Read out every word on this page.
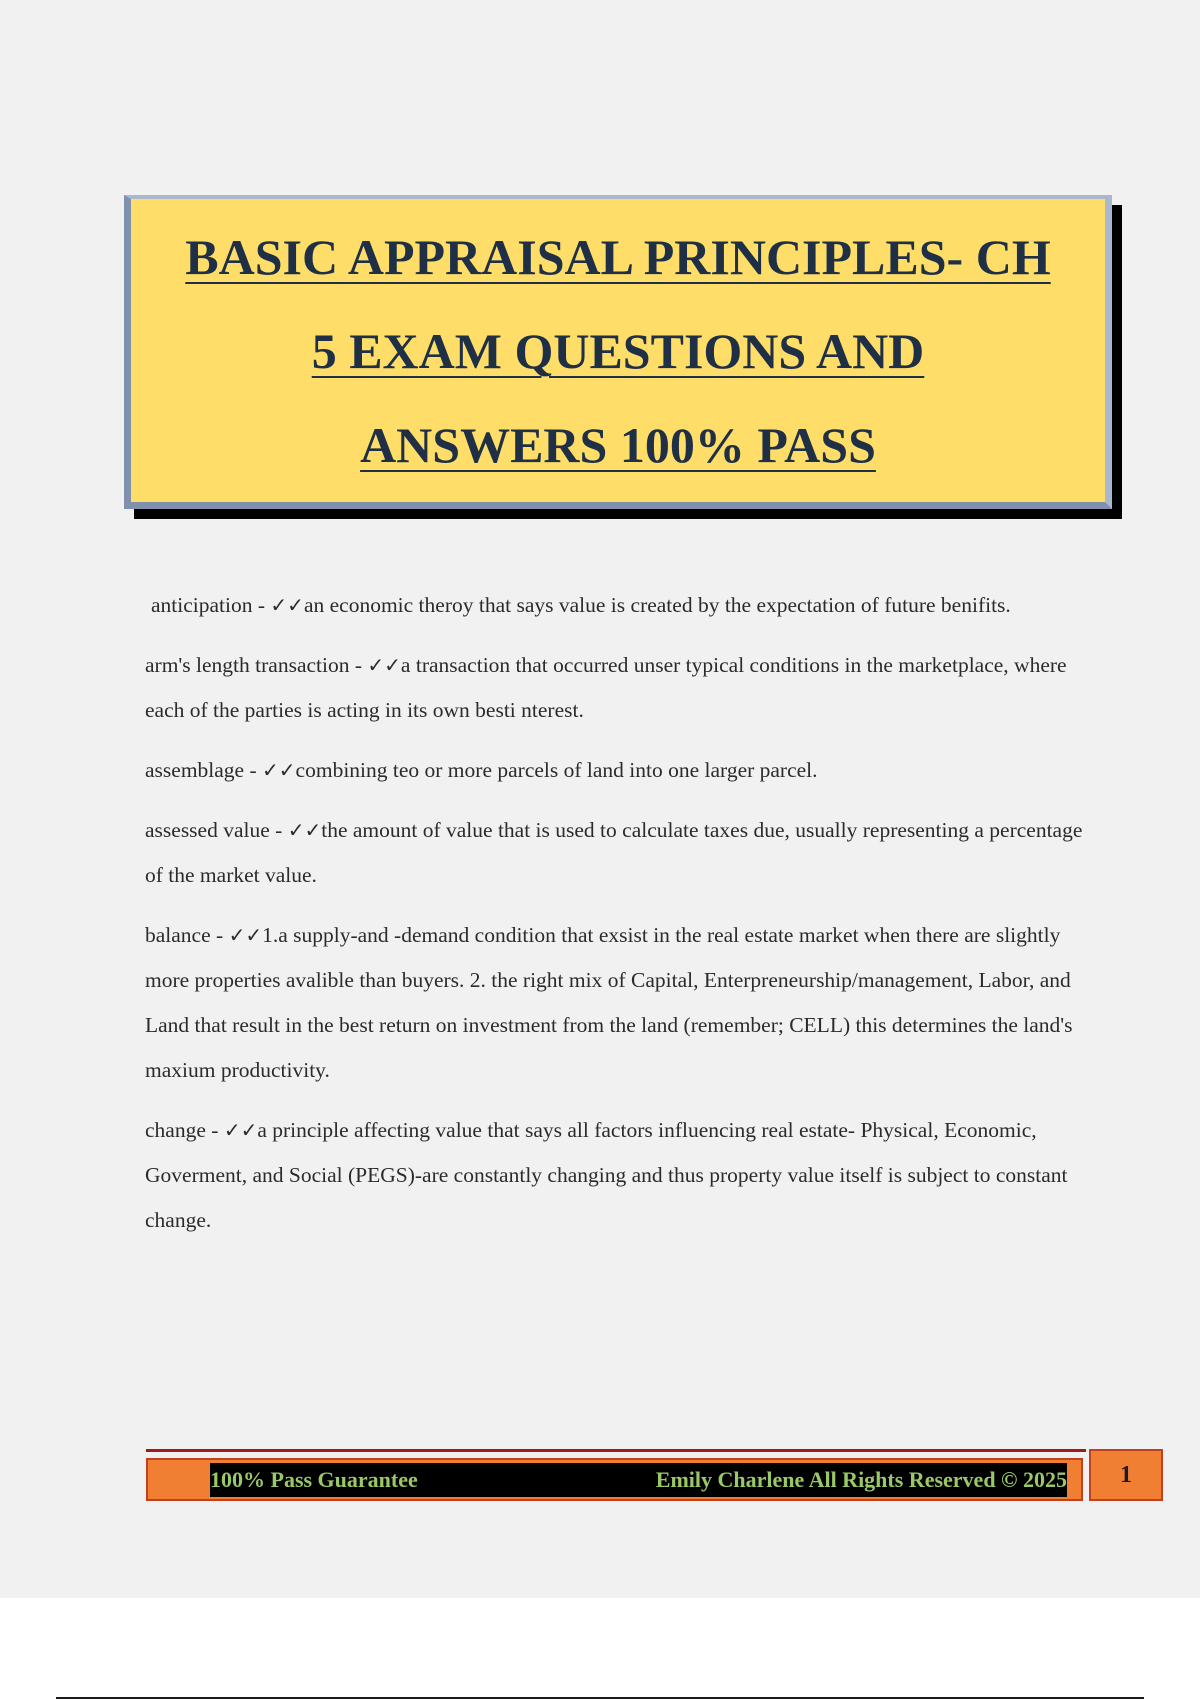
BASIC APPRAISAL PRINCIPLES- CH
5 EXAM QUESTIONS AND
ANSWERS 100% PASS

anticipation - ✓✓an economic theroy that says value is created by the expectation of future benifits.

arm's length transaction - ✓✓a transaction that occurred unser typical conditions in the marketplace, where each of the parties is acting in its own besti nterest.

assemblage - ✓✓combining teo or more parcels of land into one larger parcel.

assessed value - ✓✓the amount of value that is used to calculate taxes due, usually representing a percentage of the market value.

balance - ✓✓1.a supply-and -demand condition that exsist in the real estate market when there are slightly more properties avalible than buyers. 2. the right mix of Capital, Enterpreneurship/management, Labor, and Land that result in the best return on investment from the land (remember; CELL) this determines the land's maxium productivity.

change - ✓✓a principle affecting value that says all factors influencing real estate- Physical, Economic, Goverment, and Social (PEGS)-are constantly changing and thus property value itself is subject to constant change.

100% Pass Guarantee	Emily Charlene All Rights Reserved © 2025	1
